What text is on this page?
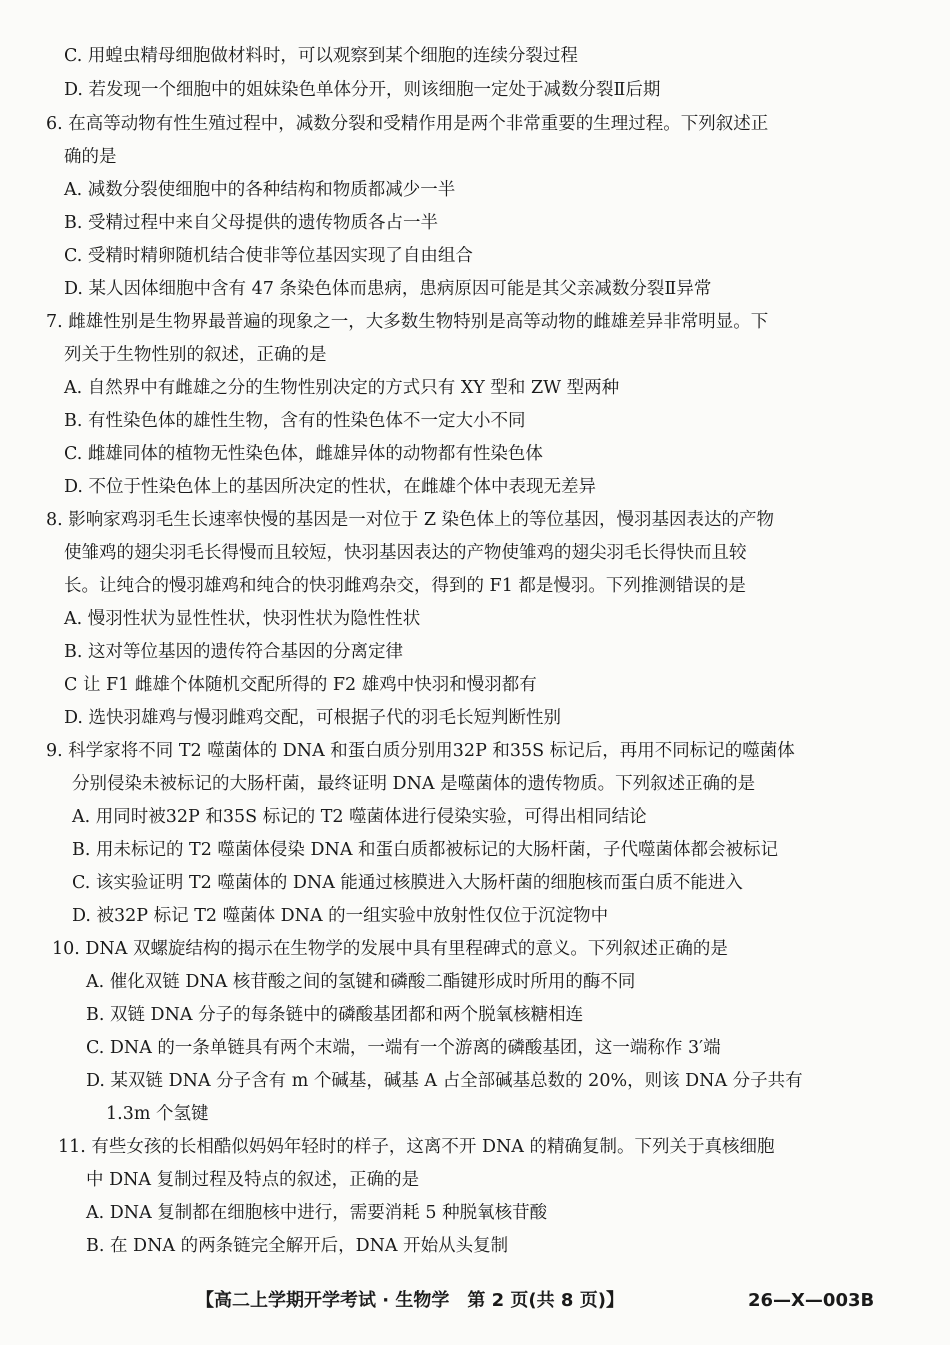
C. 用蝗虫精母细胞做材料时，可以观察到某个细胞的连续分裂过程
D. 若发现一个细胞中的姐妹染色单体分开，则该细胞一定处于减数分裂Ⅱ后期
6. 在高等动物有性生殖过程中，减数分裂和受精作用是两个非常重要的生理过程。下列叙述正
确的是
A. 减数分裂使细胞中的各种结构和物质都减少一半
B. 受精过程中来自父母提供的遗传物质各占一半
C. 受精时精卵随机结合使非等位基因实现了自由组合
D. 某人因体细胞中含有 47 条染色体而患病，患病原因可能是其父亲减数分裂Ⅱ异常
7. 雌雄性别是生物界最普遍的现象之一，大多数生物特别是高等动物的雌雄差异非常明显。下
列关于生物性别的叙述，正确的是
A. 自然界中有雌雄之分的生物性别决定的方式只有 XY 型和 ZW 型两种
B. 有性染色体的雄性生物，含有的性染色体不一定大小不同
C. 雌雄同体的植物无性染色体，雌雄异体的动物都有性染色体
D. 不位于性染色体上的基因所决定的性状，在雌雄个体中表现无差异
8. 影响家鸡羽毛生长速率快慢的基因是一对位于 Z 染色体上的等位基因，慢羽基因表达的产物
使雏鸡的翅尖羽毛长得慢而且较短，快羽基因表达的产物使雏鸡的翅尖羽毛长得快而且较
长。让纯合的慢羽雄鸡和纯合的快羽雌鸡杂交，得到的 F1 都是慢羽。下列推测错误的是
A. 慢羽性状为显性性状，快羽性状为隐性性状
B. 这对等位基因的遗传符合基因的分离定律
C 让 F1 雌雄个体随机交配所得的 F2 雄鸡中快羽和慢羽都有
D. 选快羽雄鸡与慢羽雌鸡交配，可根据子代的羽毛长短判断性别
9. 科学家将不同 T2 噬菌体的 DNA 和蛋白质分别用32P 和35S 标记后，再用不同标记的噬菌体
分别侵染未被标记的大肠杆菌，最终证明 DNA 是噬菌体的遗传物质。下列叙述正确的是
A. 用同时被32P 和35S 标记的 T2 噬菌体进行侵染实验，可得出相同结论
B. 用未标记的 T2 噬菌体侵染 DNA 和蛋白质都被标记的大肠杆菌，子代噬菌体都会被标记
C. 该实验证明 T2 噬菌体的 DNA 能通过核膜进入大肠杆菌的细胞核而蛋白质不能进入
D. 被32P 标记 T2 噬菌体 DNA 的一组实验中放射性仅位于沉淀物中
10. DNA 双螺旋结构的揭示在生物学的发展中具有里程碑式的意义。下列叙述正确的是
A. 催化双链 DNA 核苷酸之间的氢键和磷酸二酯键形成时所用的酶不同
B. 双链 DNA 分子的每条链中的磷酸基团都和两个脱氧核糖相连
C. DNA 的一条单链具有两个末端，一端有一个游离的磷酸基团，这一端称作 3′端
D. 某双链 DNA 分子含有 m 个碱基，碱基 A 占全部碱基总数的 20%，则该 DNA 分子共有
1.3m 个氢键
11. 有些女孩的长相酷似妈妈年轻时的样子，这离不开 DNA 的精确复制。下列关于真核细胞
中 DNA 复制过程及特点的叙述，正确的是
A. DNA 复制都在细胞核中进行，需要消耗 5 种脱氧核苷酸
B. 在 DNA 的两条链完全解开后，DNA 开始从头复制
【高二上学期开学考试 · 生物学　第 2 页(共 8 页)】	26—X—003B
